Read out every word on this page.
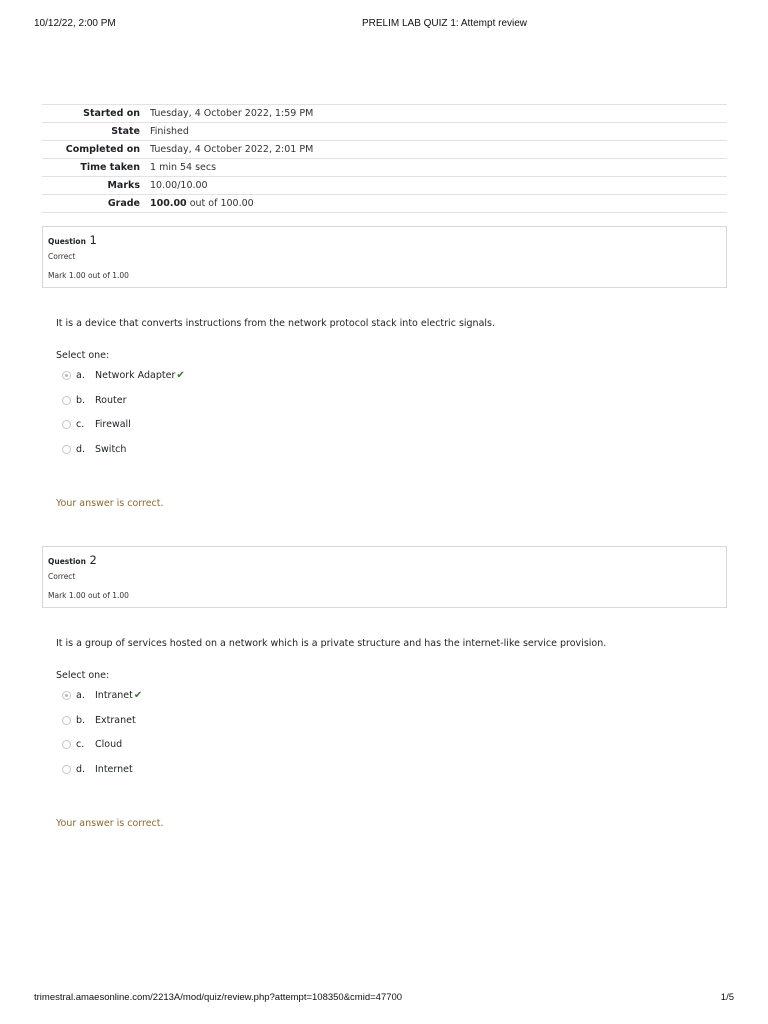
10/12/22, 2:00 PM	PRELIM LAB QUIZ 1: Attempt review
Started on	Tuesday, 4 October 2022, 1:59 PM
State	Finished
Completed on	Tuesday, 4 October 2022, 2:01 PM
Time taken	1 min 54 secs
Marks	10.00/10.00
Grade	100.00 out of 100.00
Question 1
Correct
Mark 1.00 out of 1.00
It is a device that converts instructions from the network protocol stack into electric signals.
Select one:
a. Network Adapter✔
b. Router
c. Firewall
d. Switch
Your answer is correct.
Question 2
Correct
Mark 1.00 out of 1.00
It is a group of services hosted on a network which is a private structure and has the internet-like service provision.
Select one:
a. Intranet✔
b. Extranet
c. Cloud
d. Internet
Your answer is correct.
trimestral.amaesonline.com/2213A/mod/quiz/review.php?attempt=108350&cmid=47700	1/5
